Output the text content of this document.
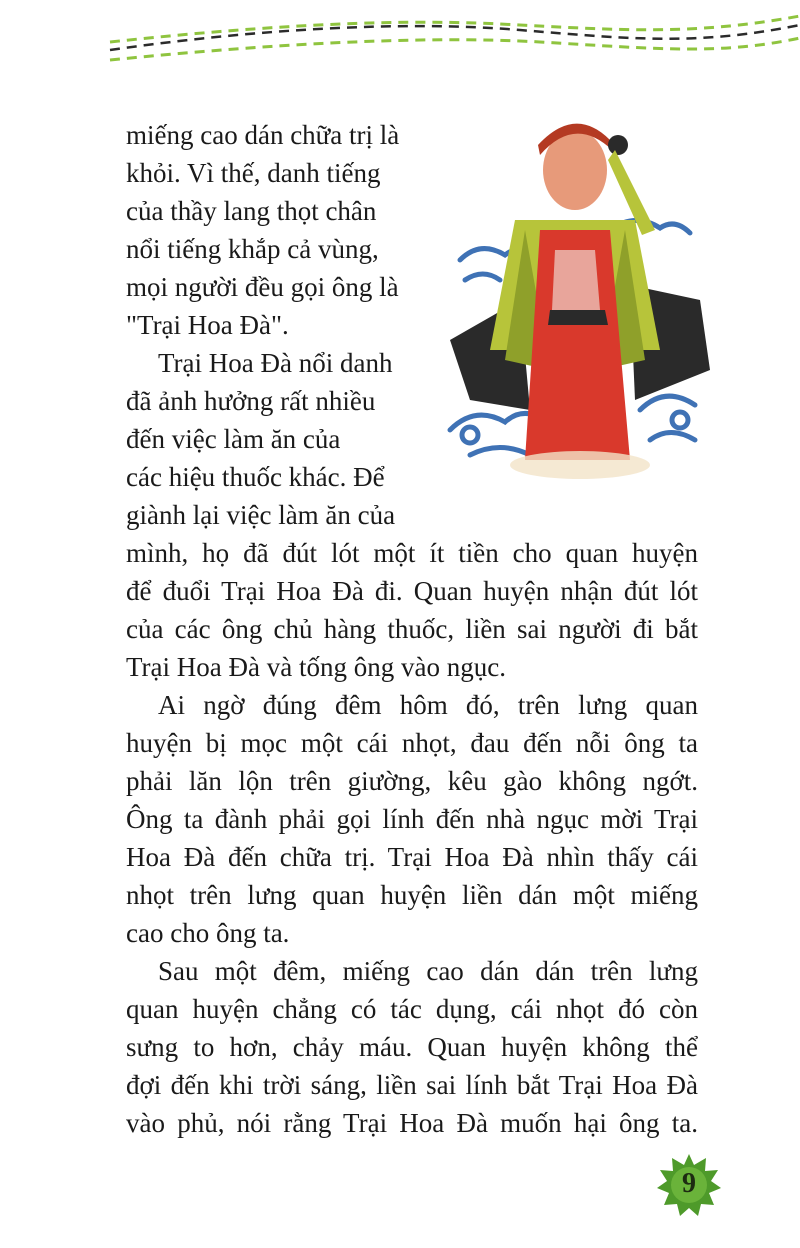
miếng cao dán chữa trị là

khỏi. Vì thế, danh tiếng

của thầy lang thọt chân

nổi tiếng khắp cả vùng,

mọi người đều gọi ông là

"Trại Hoa Đà".

Trại Hoa Đà nổi danh

đã ảnh hưởng rất nhiều

đến việc làm ăn của

các hiệu thuốc khác. Để

giành lại việc làm ăn của

mình, họ đã đút lót một ít tiền cho quan huyện

để đuổi Trại Hoa Đà đi. Quan huyện nhận đút lót

của các ông chủ hàng thuốc, liền sai người đi bắt

Trại Hoa Đà và tống ông vào ngục.

Ai ngờ đúng đêm hôm đó, trên lưng quan

huyện bị mọc một cái nhọt, đau đến nỗi ông ta

phải lăn lộn trên giường, kêu gào không ngớt.

Ông ta đành phải gọi lính đến nhà ngục mời Trại

Hoa Đà đến chữa trị. Trại Hoa Đà nhìn thấy cái

nhọt trên lưng quan huyện liền dán một miếng

cao cho ông ta.

Sau một đêm, miếng cao dán dán trên lưng

quan huyện chẳng có tác dụng, cái nhọt đó còn

sưng to hơn, chảy máu. Quan huyện không thể

đợi đến khi trời sáng, liền sai lính bắt Trại Hoa Đà

vào phủ, nói rằng Trại Hoa Đà muốn hại ông ta.

9
